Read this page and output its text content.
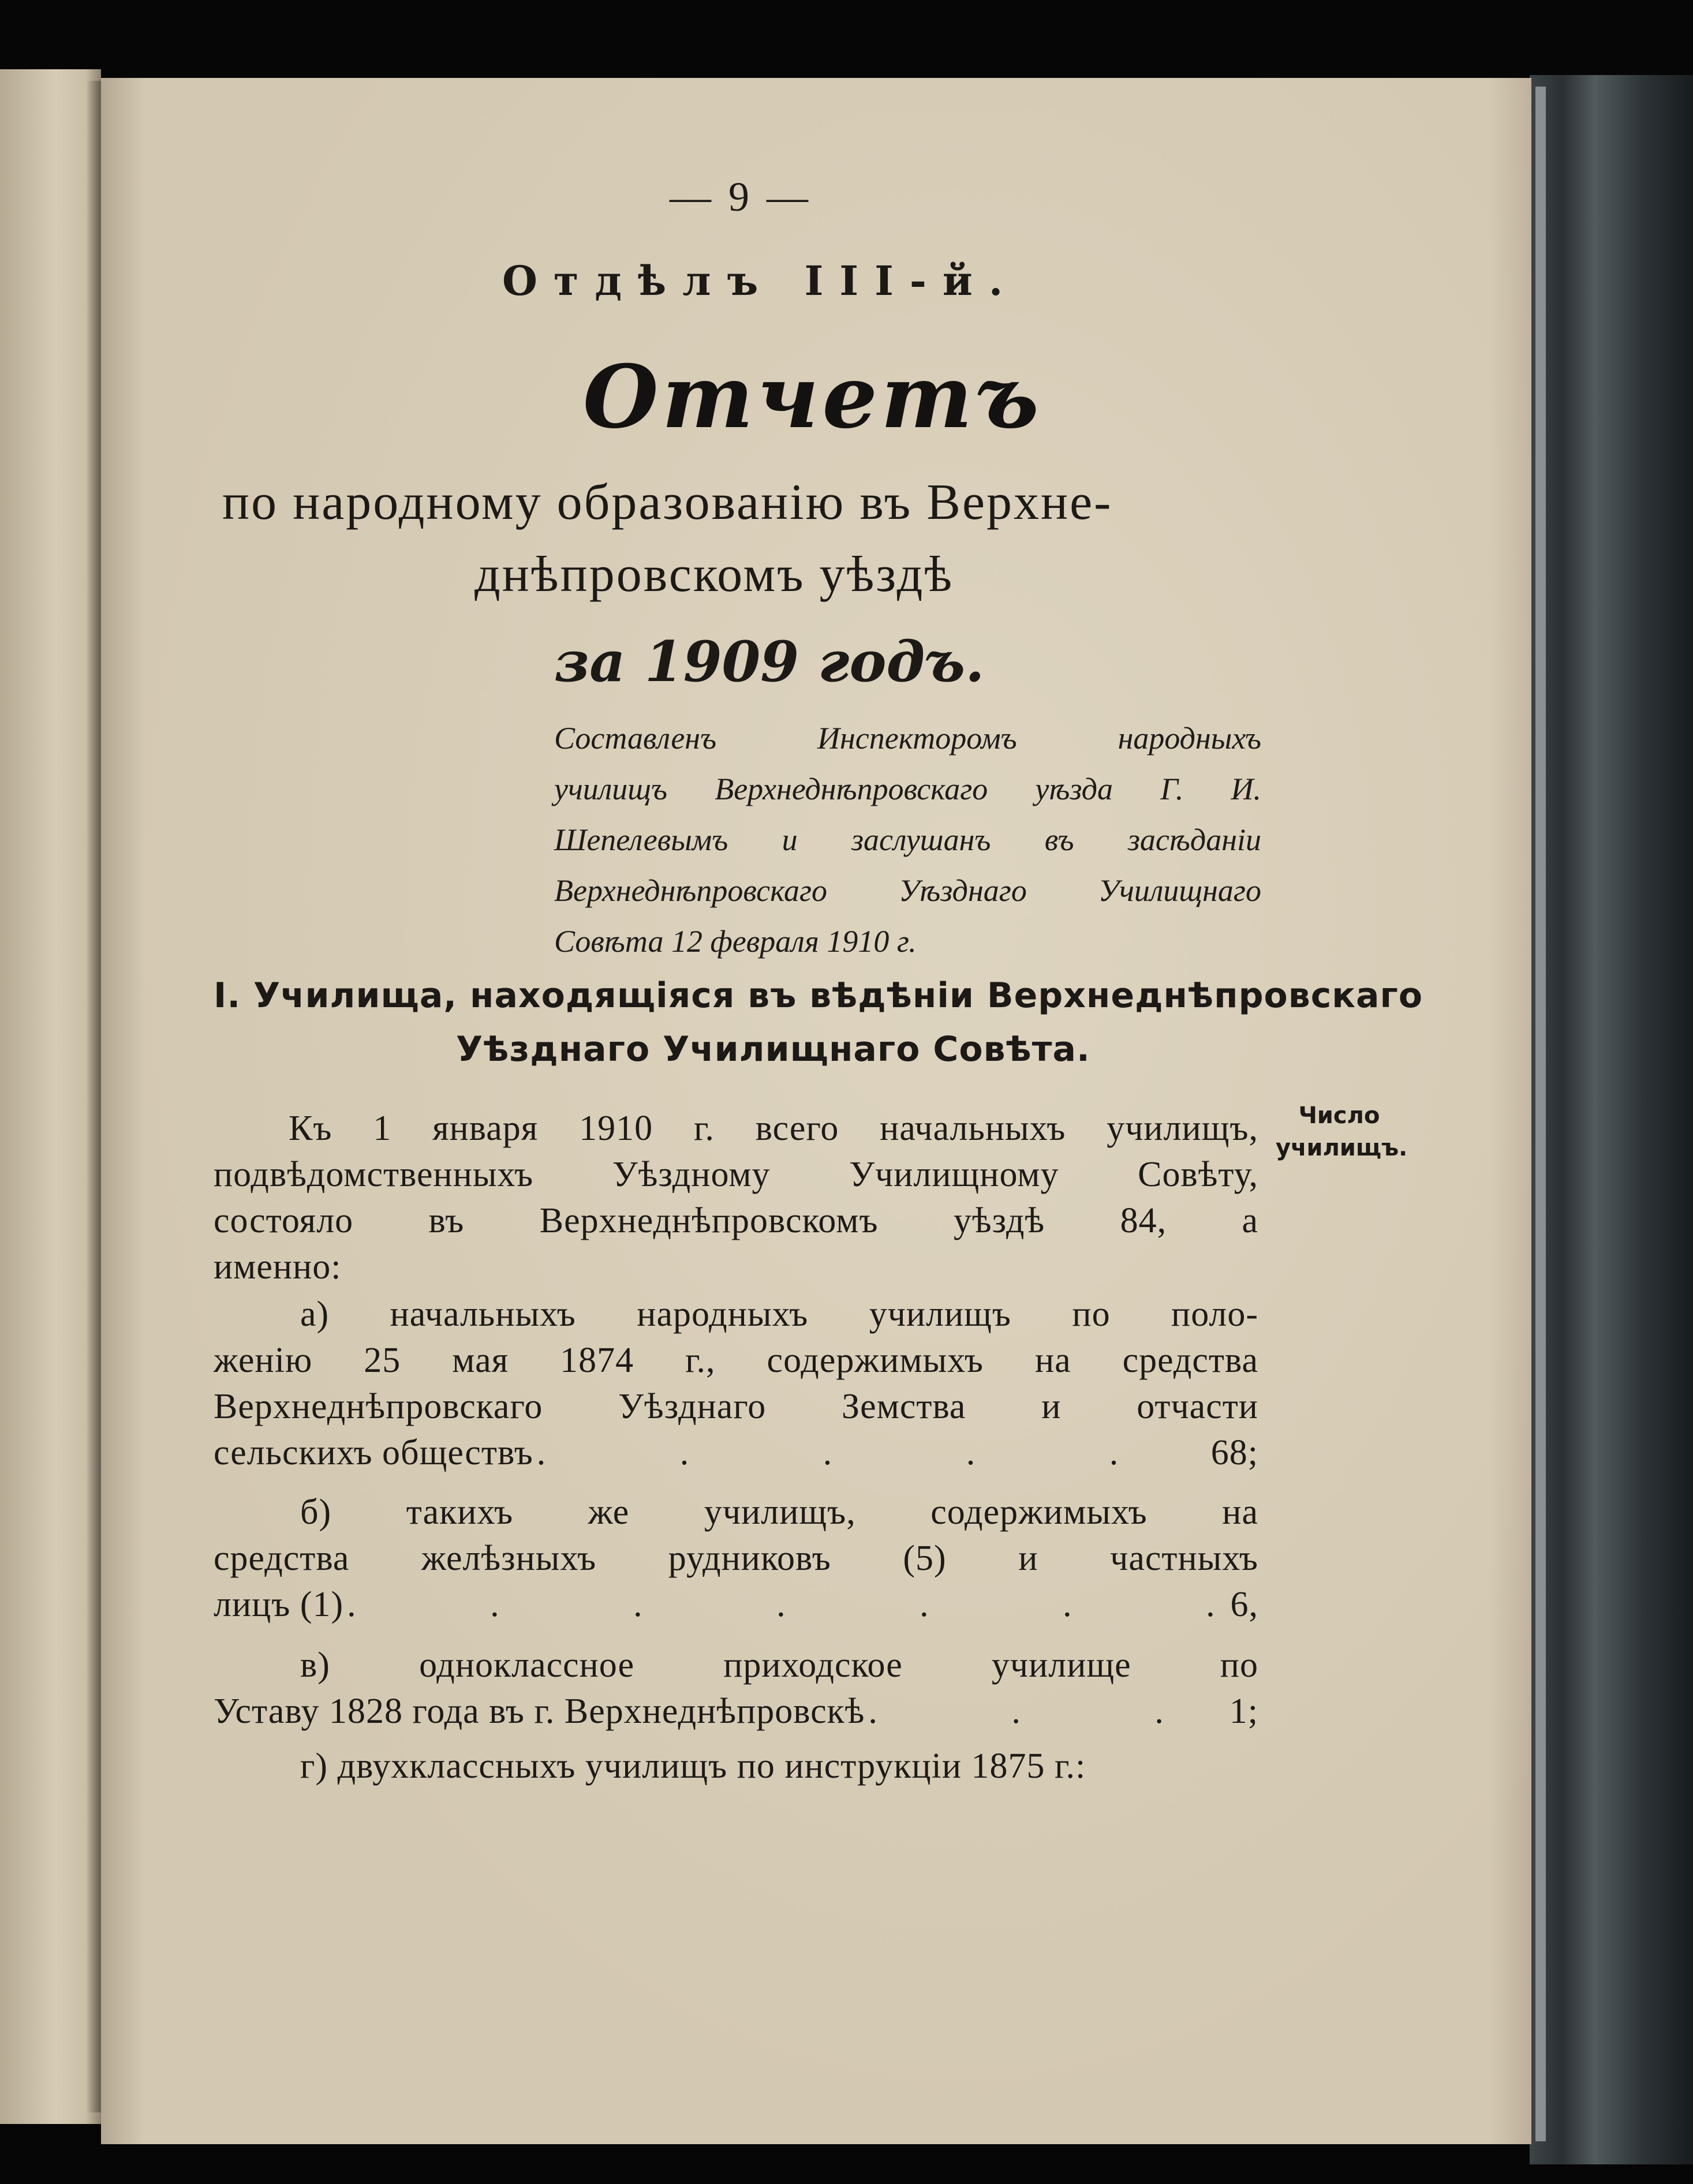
— 9 —
Отдѣлъ III-й.
Отчетъ
по народному образованію въ Верхне-
днѣпровскомъ уѣздѣ
за 1909 годъ.
Составленъ Инспекторомъ народныхъ
училищъ Верхнеднѣпровскаго уѣзда Г. И.
Шепелевымъ и заслушанъ въ засѣданіи
Верхнеднѣпровскаго Уѣзднаго Училищнаго
Совѣта 12 февраля 1910 г.
I. Училища, находящіяся въ вѣдѣніи Верхнеднѣпровскаго
Уѣзднаго Училищнаго Совѣта.
Число
училищъ.
Къ 1 января 1910 г. всего начальныхъ училищъ,
подвѣдомственныхъ Уѣздному Училищному Совѣту,
состояло въ Верхнеднѣпровскомъ уѣздѣ 84, а
именно:
а) начальныхъ народныхъ училищъ по поло-
женію 25 мая 1874 г., содержимыхъ на средства
Верхнеднѣпровскаго Уѣзднаго Земства и отчасти
сельскихъ обществъ .	68;
б) такихъ же училищъ, содержимыхъ на
средства желѣзныхъ рудниковъ (5) и частныхъ
лицъ (1) .	6,
в) одноклассное приходское училище по
Уставу 1828 года въ г. Верхнеднѣпровскѣ .	1;
г) двухклассныхъ училищъ по инструкціи 1875 г.:
